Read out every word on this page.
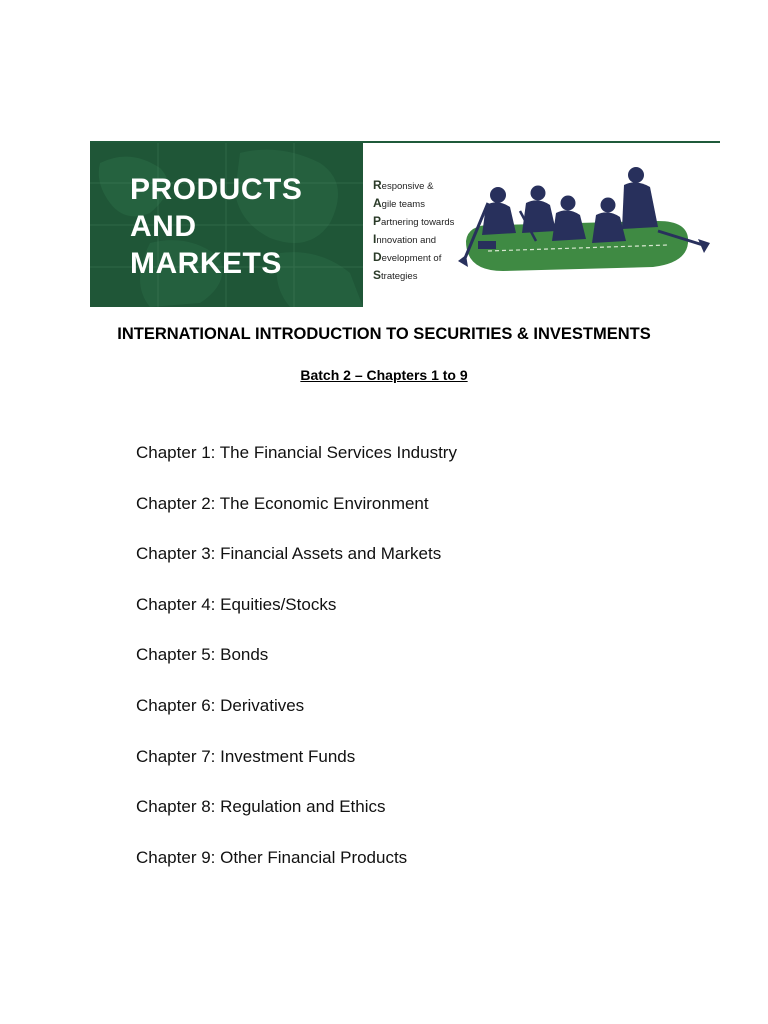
PRODUCTS
AND
MARKETS
Responsive &
Agile teams
Partnering towards
Innovation and
Development of
Strategies
INTERNATIONAL INTRODUCTION TO SECURITIES & INVESTMENTS
Batch 2 – Chapters 1 to 9
Chapter 1: The Financial Services Industry
Chapter 2: The Economic Environment
Chapter 3: Financial Assets and Markets
Chapter 4: Equities/Stocks
Chapter 5: Bonds
Chapter 6: Derivatives
Chapter 7: Investment Funds
Chapter 8: Regulation and Ethics
Chapter 9: Other Financial Products
